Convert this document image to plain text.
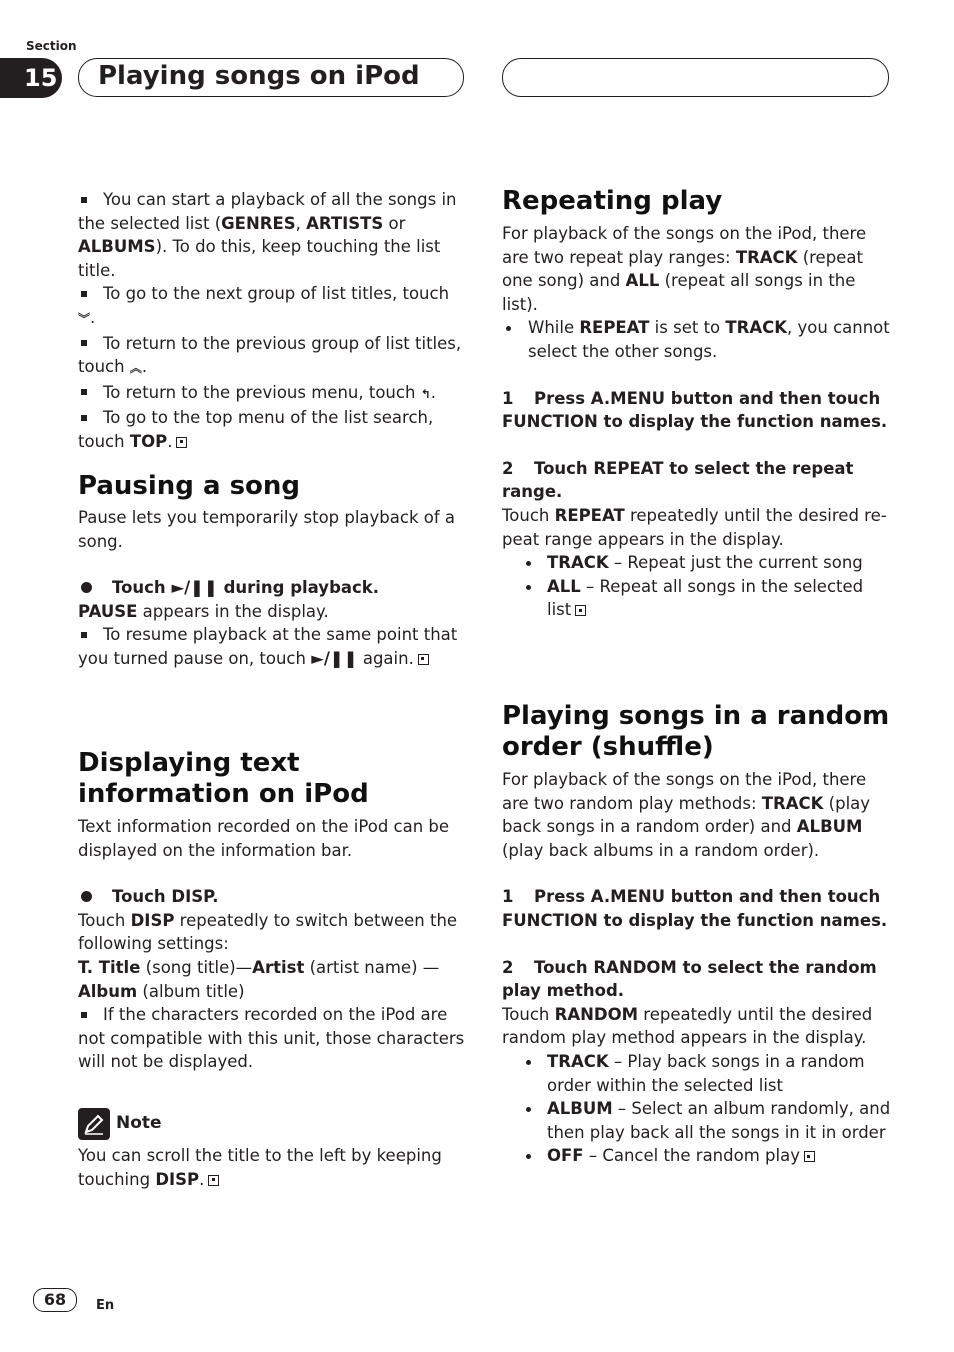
Section
15 Playing songs on iPod

You can start a playback of all the songs in the selected list (GENRES, ARTISTS or ALBUMS). To do this, keep touching the list title.

To go to the next group of list titles, touch ︾.

To return to the previous group of list titles, touch ︽.

To return to the previous menu, touch ↰.

To go to the top menu of the list search, touch TOP.

Pausing a song

Pause lets you temporarily stop playback of a song.

Touch ►/❚❚ during playback.

PAUSE appears in the display.

To resume playback at the same point that you turned pause on, touch ►/❚❚ again.

Displaying text information on iPod

Text information recorded on the iPod can be displayed on the information bar.

Touch DISP.

Touch DISP repeatedly to switch between the following settings:

T. Title (song title)—Artist (artist name) —Album (album title)

If the characters recorded on the iPod are not compatible with this unit, those characters will not be displayed.

Note

You can scroll the title to the left by keeping touching DISP.

Repeating play

For playback of the songs on the iPod, there are two repeat play ranges: TRACK (repeat one song) and ALL (repeat all songs in the list).

While REPEAT is set to TRACK, you cannot select the other songs.

1 Press A.MENU button and then touch FUNCTION to display the function names.

2 Touch REPEAT to select the repeat range.

Touch REPEAT repeatedly until the desired re-peat range appears in the display.

TRACK – Repeat just the current song

ALL – Repeat all songs in the selected list

Playing songs in a random order (shuffle)

For playback of the songs on the iPod, there are two random play methods: TRACK (play back songs in a random order) and ALBUM (play back albums in a random order).

1 Press A.MENU button and then touch FUNCTION to display the function names.

2 Touch RANDOM to select the random play method.

Touch RANDOM repeatedly until the desired random play method appears in the display.

TRACK – Play back songs in a random order within the selected list

ALBUM – Select an album randomly, and then play back all the songs in it in order

OFF – Cancel the random play

68	En
